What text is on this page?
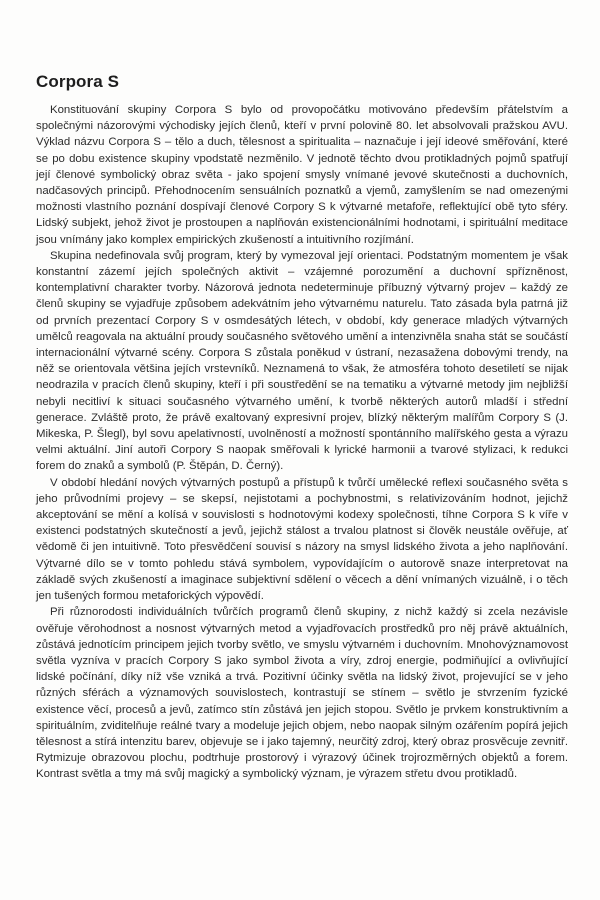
Corpora S

Konstituování skupiny Corpora S bylo od provopočátku motivováno především přátelstvím a společnými názorovými východisky jejích členů, kteří v první polovině 80. let absolvovali pražskou AVU. Výklad názvu Corpora S – tělo a duch, tělesnost a spiritualita – naznačuje i její ideové směřování, které se po dobu existence skupiny vpodstatě nezměnilo. V jednotě těchto dvou protikladných pojmů spatřují její členové symbolický obraz světa - jako spojení smysly vnímané jevové skutečnosti a duchovních, nadčasových principů. Přehodnocením sensuálních poznatků a vjemů, zamyšlením se nad omezenými možnosti vlastního poznání dospívají členové Corpory S k výtvarné metafoře, reflektující obě tyto sféry. Lidský subjekt, jehož život je prostoupen a naplňován existencionálními hodnotami, i spirituální meditace jsou vnímány jako komplex empirických zkušeností a intuitivního rozjímání.

Skupina nedefinovala svůj program, který by vymezoval její orientaci. Podstatným momentem je však konstantní zázemí jejích společných aktivit – vzájemné porozumění a duchovní spřízněnost, kontemplativní charakter tvorby. Názorová jednota nedeterminuje příbuzný výtvarný projev – každý ze členů skupiny se vyjadřuje způsobem adekvátním jeho výtvarnému naturelu. Tato zásada byla patrná již od prvních prezentací Corpory S v osmdesátých létech, v období, kdy generace mladých výtvarných umělců reagovala na aktuální proudy současného světového umění a intenzivněla snaha stát se součástí internacionální výtvarné scény. Corpora S zůstala poněkud v ústraní, nezasažena dobovými trendy, na něž se orientovala většina jejích vrstevníků. Neznamená to však, že atmosféra tohoto desetiletí se nijak neodrazila v pracích členů skupiny, kteří i při soustředění se na tematiku a výtvarné metody jim nejbližší nebyli necitliví k situaci současného výtvarného umění, k tvorbě některých autorů mladší i střední generace. Zvláště proto, že právě exaltovaný expresivní projev, blízký některým malířům Corpory S (J. Mikeska, P. Šlegl), byl sovu apelativností, uvolněností a možností spontánního malířského gesta a výrazu velmi aktuální. Jiní autoři Corpory S naopak směřovali k lyrické harmonii a tvarové stylizaci, k redukci forem do znaků a symbolů (P. Štěpán, D. Černý).

V období hledání nových výtvarných postupů a přístupů k tvůrčí umělecké reflexi současného světa s jeho průvodními projevy – se skepsí, nejistotami a pochybnostmi, s relativizováním hodnot, jejichž akceptování se mění a kolísá v souvislosti s hodnotovými kodexy společnosti, tíhne Corpora S k víře v existenci podstatných skutečností a jevů, jejichž stálost a trvalou platnost si člověk neustále ověřuje, ať vědomě či jen intuitivně. Toto přesvědčení souvisí s názory na smysl lidského života a jeho naplňování. Výtvarné dílo se v tomto pohledu stává symbolem, vypovídajícím o autorově snaze interpretovat na základě svých zkušeností a imaginace subjektivní sdělení o věcech a dění vnímaných vizuálně, i o těch jen tušených formou metaforických výpovědí.

Při různorodosti individuálních tvůrčích programů členů skupiny, z nichž každý si zcela nezávisle ověřuje věrohodnost a nosnost výtvarných metod a vyjadřovacích prostředků pro něj právě aktuálních, zůstává jednotícím principem jejich tvorby světlo, ve smyslu výtvarném i duchovním. Mnohovýznamovost světla vyzníva v pracích Corpory S jako symbol života a víry, zdroj energie, podmiňující a ovlivňující lidské počínání, díky níž vše vzniká a trvá. Pozitivní účinky světla na lidský život, projevující se v jeho různých sférách a významových souvislostech, kontrastují se stínem – světlo je stvrzením fyzické existence věcí, procesů a jevů, zatímco stín zůstává jen jejich stopou. Světlo je prvkem konstruktivním a spirituálním, zviditelňuje reálné tvary a modeluje jejich objem, nebo naopak silným ozářením popírá jejich tělesnost a stírá intenzitu barev, objevuje se i jako tajemný, neurčitý zdroj, který obraz prosvěcuje zevnitř. Rytmizuje obrazovou plochu, podtrhuje prostorový i výrazový účinek trojrozměrných objektů a forem. Kontrast světla a tmy má svůj magický a symbolický význam, je výrazem střetu dvou protikladů.
